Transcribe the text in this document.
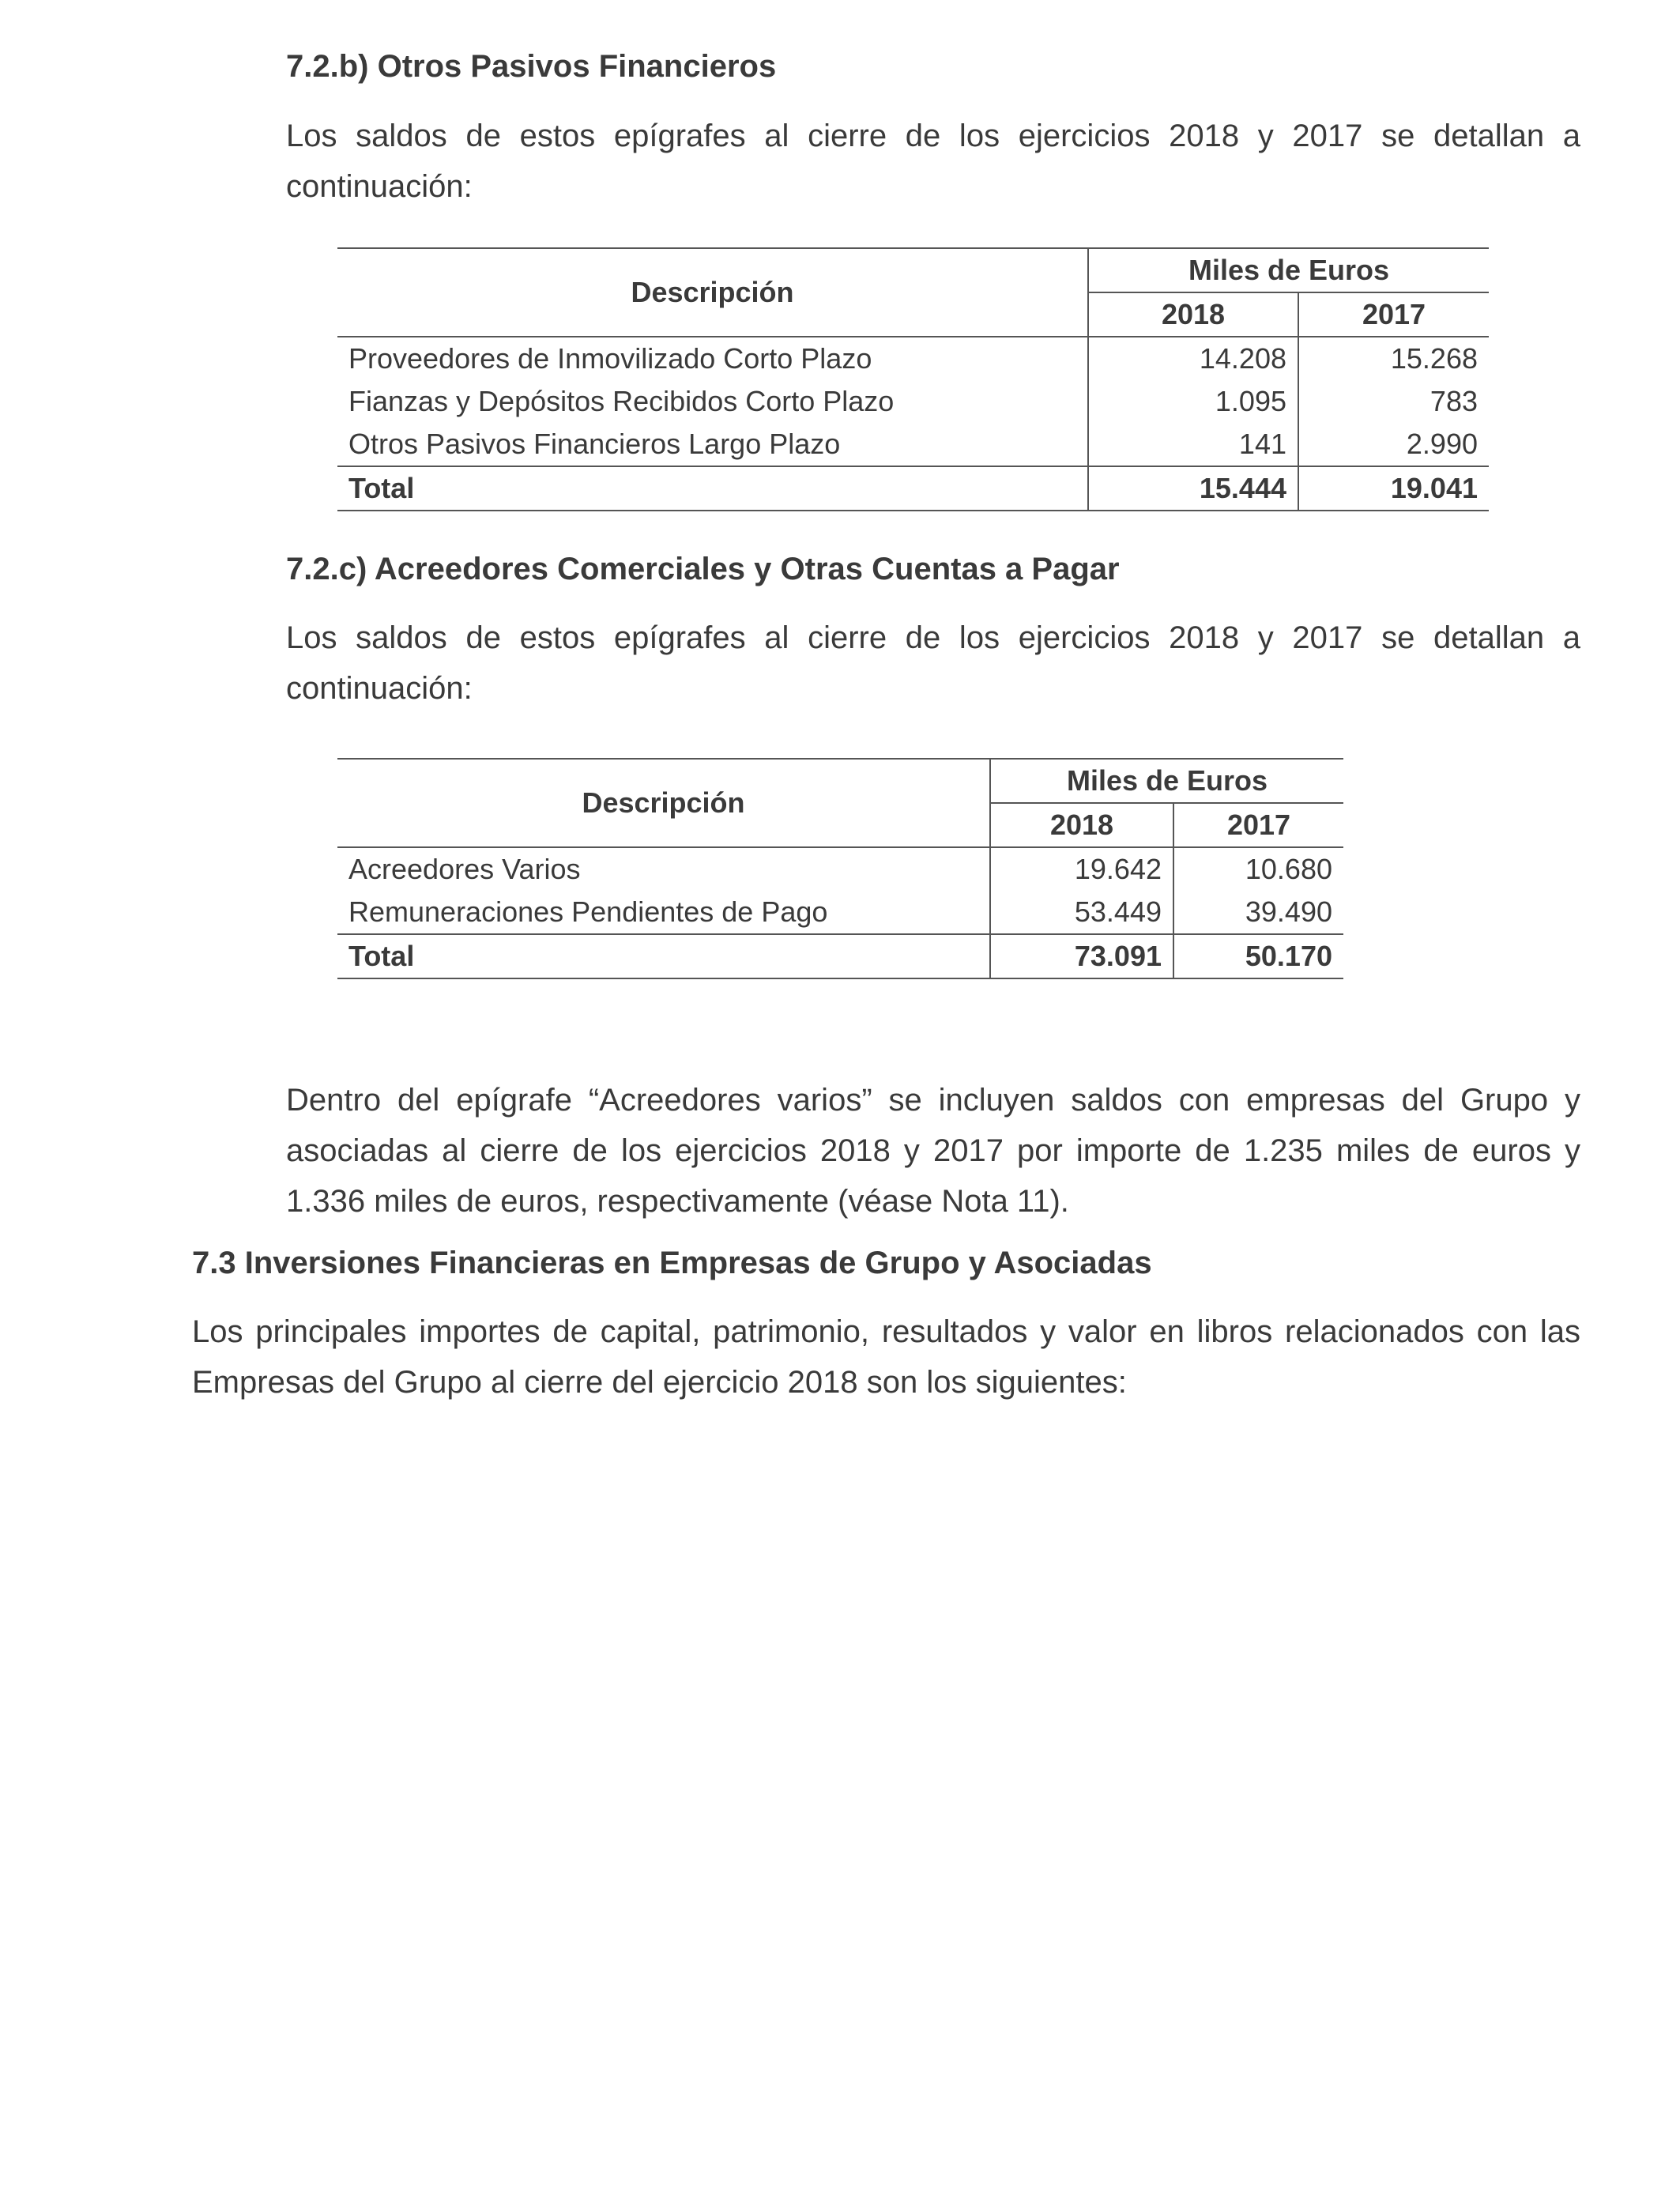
7.2.b) Otros Pasivos Financieros
Los saldos de estos epígrafes al cierre de los ejercicios 2018 y 2017 se detallan a continuación:
Descripción	Miles de Euros	
	2018	2017
Proveedores de Inmovilizado Corto Plazo	14.208	15.268
Fianzas y Depósitos Recibidos Corto Plazo	1.095	783
Otros Pasivos Financieros Largo Plazo	141	2.990
Total	15.444	19.041
7.2.c) Acreedores Comerciales y Otras Cuentas a Pagar
Los saldos de estos epígrafes al cierre de los ejercicios 2018 y 2017 se detallan a continuación:
Descripción	Miles de Euros	
	2018	2017
Acreedores Varios	19.642	10.680
Remuneraciones Pendientes de Pago	53.449	39.490
Total	73.091	50.170
Dentro del epígrafe “Acreedores varios” se incluyen saldos con empresas del Grupo y asociadas al cierre de los ejercicios 2018 y 2017 por importe de 1.235 miles de euros y 1.336 miles de euros, respectivamente (véase Nota 11).
7.3 Inversiones Financieras en Empresas de Grupo y Asociadas
Los principales importes de capital, patrimonio, resultados y valor en libros relacionados con las Empresas del Grupo al cierre del ejercicio 2018 son los siguientes:
